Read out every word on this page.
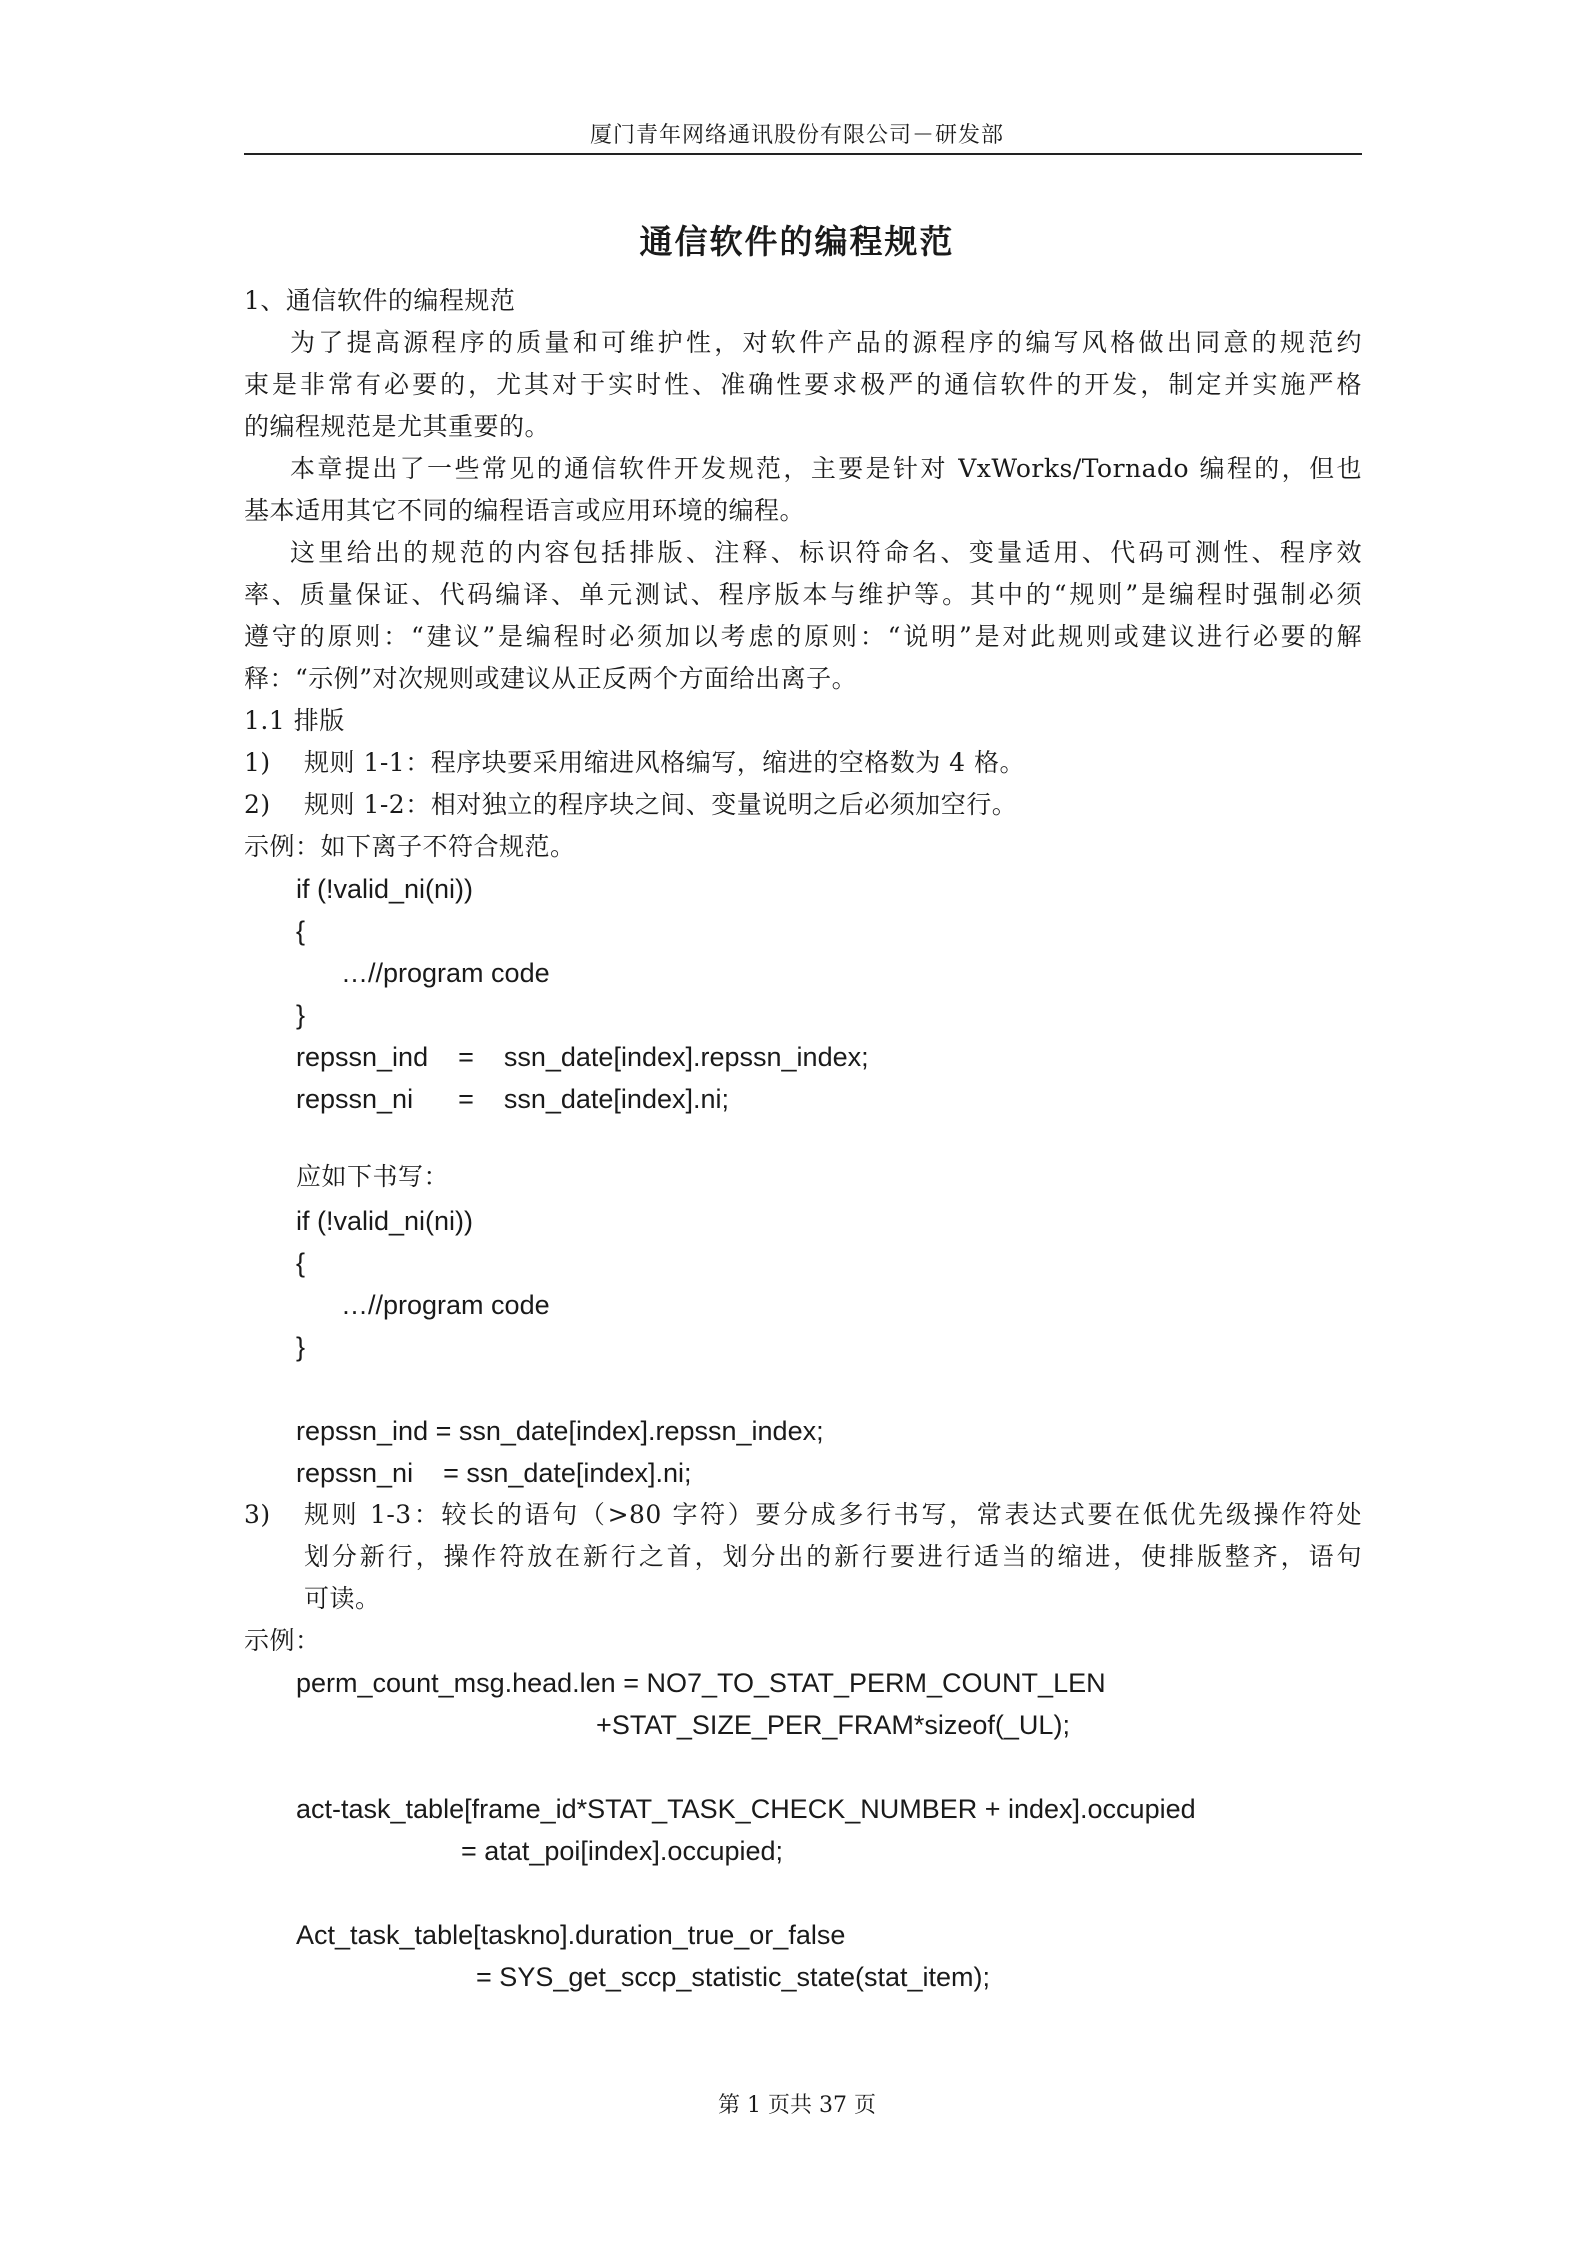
厦门青年网络通讯股份有限公司－研发部
通信软件的编程规范
1、通信软件的编程规范
为了提高源程序的质量和可维护性，对软件产品的源程序的编写风格做出同意的规范约
束是非常有必要的，尤其对于实时性、准确性要求极严的通信软件的开发，制定并实施严格
的编程规范是尤其重要的。
本章提出了一些常见的通信软件开发规范，主要是针对 VxWorks/Tornado 编程的，但也
基本适用其它不同的编程语言或应用环境的编程。
这里给出的规范的内容包括排版、注释、标识符命名、变量适用、代码可测性、程序效
率、质量保证、代码编译、单元测试、程序版本与维护等。其中的“规则”是编程时强制必须
遵守的原则：“建议”是编程时必须加以考虑的原则：“说明”是对此规则或建议进行必要的解
释：“示例”对次规则或建议从正反两个方面给出离子。
1.1 排版
1) 规则 1-1：程序块要采用缩进风格编写，缩进的空格数为 4 格。
2) 规则 1-2：相对独立的程序块之间、变量说明之后必须加空行。
示例：如下离子不符合规范。
if (!valid_ni(ni))
{
…//program code
}
repssn_ind    =    ssn_date[index].repssn_index;
repssn_ni      =    ssn_date[index].ni;
应如下书写：
if (!valid_ni(ni))
{
…//program code
}
repssn_ind = ssn_date[index].repssn_index;
repssn_ni    = ssn_date[index].ni;
3) 规则 1-3：较长的语句（>80 字符）要分成多行书写，常表达式要在低优先级操作符处
划分新行，操作符放在新行之首，划分出的新行要进行适当的缩进，使排版整齐，语句
可读。
示例：
perm_count_msg.head.len = NO7_TO_STAT_PERM_COUNT_LEN
+STAT_SIZE_PER_FRAM*sizeof(_UL);
act-task_table[frame_id*STAT_TASK_CHECK_NUMBER + index].occupied
= atat_poi[index].occupied;
Act_task_table[taskno].duration_true_or_false
= SYS_get_sccp_statistic_state(stat_item);
第 1 页共 37 页
